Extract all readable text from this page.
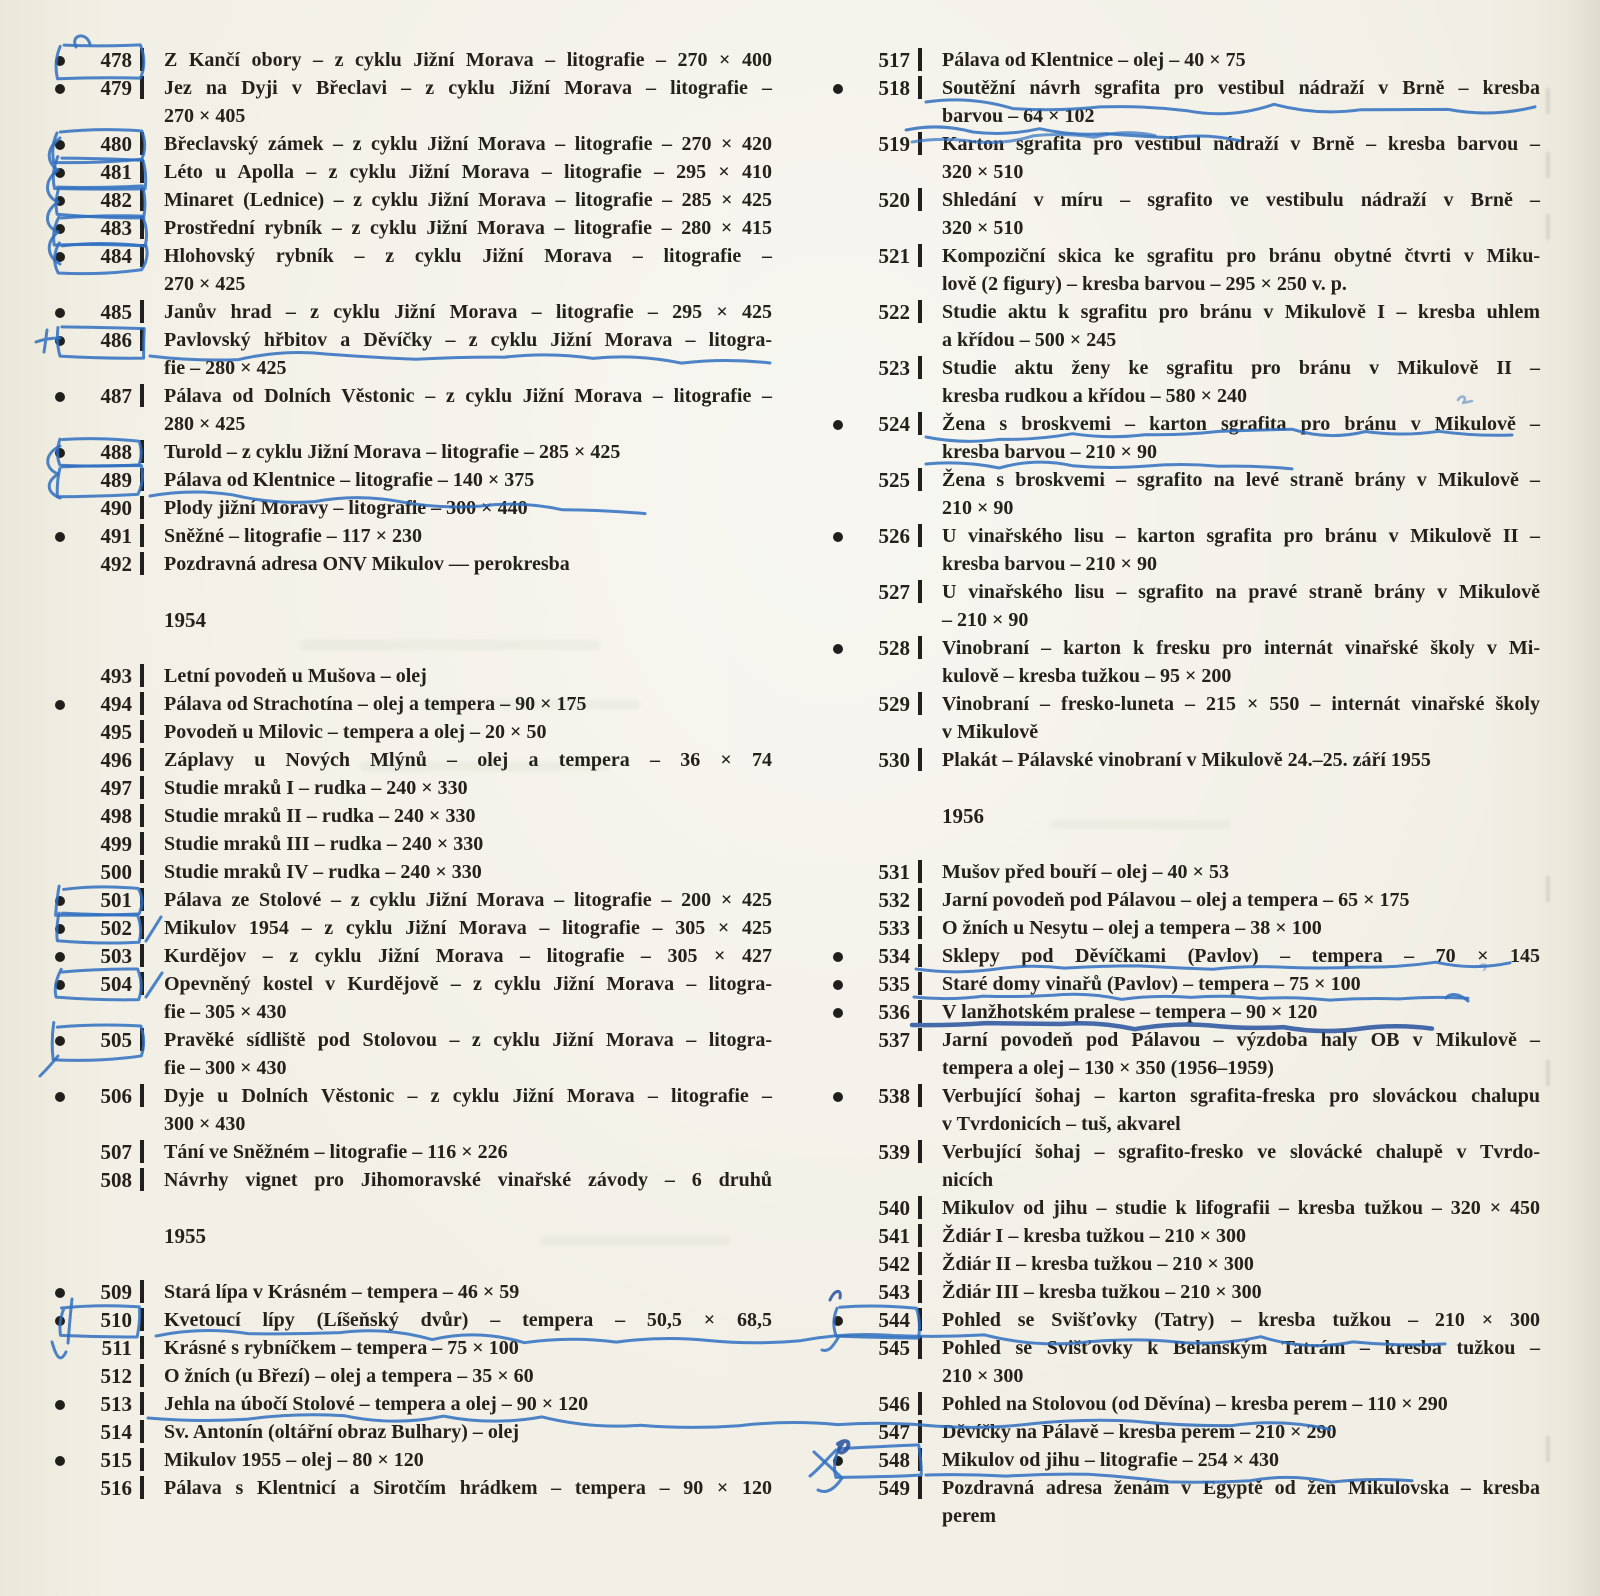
478 Z Kančí obory – z cyklu Jižní Morava – litografie – 270 × 400
479 Jez na Dyji v Břeclavi – z cyklu Jižní Morava – litografie –
270 × 405
480 Břeclavský zámek – z cyklu Jižní Morava – litografie – 270 × 420
481 Léto u Apolla – z cyklu Jižní Morava – litografie – 295 × 410
482 Minaret (Lednice) – z cyklu Jižní Morava – litografie – 285 × 425
483 Prostřední rybník – z cyklu Jižní Morava – litografie – 280 × 415
484 Hlohovský rybník – z cyklu Jižní Morava – litografie –
270 × 425
485 Janův hrad – z cyklu Jižní Morava – litografie – 295 × 425
486 Pavlovský hřbitov a Děvíčky – z cyklu Jižní Morava – litogra-
fie – 280 × 425
487 Pálava od Dolních Věstonic – z cyklu Jižní Morava – litografie –
280 × 425
488 Turold – z cyklu Jižní Morava – litografie – 285 × 425
489 Pálava od Klentnice – litografie – 140 × 375
490 Plody jižní Moravy – litografie – 300 × 440
491 Sněžné – litografie – 117 × 230
492 Pozdravná adresa ONV Mikulov — perokresba
1954
493 Letní povodeň u Mušova – olej
494 Pálava od Strachotína – olej a tempera – 90 × 175
495 Povodeň u Milovic – tempera a olej – 20 × 50
496 Záplavy u Nových Mlýnů – olej a tempera – 36 × 74
497 Studie mraků I – rudka – 240 × 330
498 Studie mraků II – rudka – 240 × 330
499 Studie mraků III – rudka – 240 × 330
500 Studie mraků IV – rudka – 240 × 330
501 Pálava ze Stolové – z cyklu Jižní Morava – litografie – 200 × 425
502 Mikulov 1954 – z cyklu Jižní Morava – litografie – 305 × 425
503 Kurdějov – z cyklu Jižní Morava – litografie – 305 × 427
504 Opevněný kostel v Kurdějově – z cyklu Jižní Morava – litogra-
fie – 305 × 430
505 Pravěké sídliště pod Stolovou – z cyklu Jižní Morava – litogra-
fie – 300 × 430
506 Dyje u Dolních Věstonic – z cyklu Jižní Morava – litografie –
300 × 430
507 Tání ve Sněžném – litografie – 116 × 226
508 Návrhy vignet pro Jihomoravské vinařské závody – 6 druhů
1955
509 Stará lípa v Krásném – tempera – 46 × 59
510 Kvetoucí lípy (Líšeňský dvůr) – tempera – 50,5 × 68,5
511 Krásné s rybníčkem – tempera – 75 × 100
512 O žních (u Březí) – olej a tempera – 35 × 60
513 Jehla na úbočí Stolové – tempera a olej – 90 × 120
514 Sv. Antonín (oltářní obraz Bulhary) – olej
515 Mikulov 1955 – olej – 80 × 120
516 Pálava s Klentnicí a Sirotčím hrádkem – tempera – 90 × 120
517 Pálava od Klentnice – olej – 40 × 75
518 Soutěžní návrh sgrafita pro vestibul nádraží v Brně – kresba
barvou – 64 × 102
519 Karton sgrafita pro vestibul nádraží v Brně – kresba barvou –
320 × 510
520 Shledání v míru – sgrafito ve vestibulu nádraží v Brně –
320 × 510
521 Kompoziční skica ke sgrafitu pro bránu obytné čtvrti v Miku-
lově (2 figury) – kresba barvou – 295 × 250 v. p.
522 Studie aktu k sgrafitu pro bránu v Mikulově I – kresba uhlem
a křídou – 500 × 245
523 Studie aktu ženy ke sgrafitu pro bránu v Mikulově II –
kresba rudkou a křídou – 580 × 240
524 Žena s broskvemi – karton sgrafita pro bránu v Mikulově –
kresba barvou – 210 × 90
525 Žena s broskvemi – sgrafito na levé straně brány v Mikulově –
210 × 90
526 U vinařského lisu – karton sgrafita pro bránu v Mikulově II –
kresba barvou – 210 × 90
527 U vinařského lisu – sgrafito na pravé straně brány v Mikulově
– 210 × 90
528 Vinobraní – karton k fresku pro internát vinařské školy v Mi-
kulově – kresba tužkou – 95 × 200
529 Vinobraní – fresko-luneta – 215 × 550 – internát vinařské školy
v Mikulově
530 Plakát – Pálavské vinobraní v Mikulově 24.–25. září 1955
1956
531 Mušov před bouří – olej – 40 × 53
532 Jarní povodeň pod Pálavou – olej a tempera – 65 × 175
533 O žních u Nesytu – olej a tempera – 38 × 100
534 Sklepy pod Děvíčkami (Pavlov) – tempera – 70 × 145
535 Staré domy vinařů (Pavlov) – tempera – 75 × 100
536 V lanžhotském pralese – tempera – 90 × 120
537 Jarní povodeň pod Pálavou – výzdoba haly OB v Mikulově –
tempera a olej – 130 × 350 (1956–1959)
538 Verbující šohaj – karton sgrafita-freska pro slováckou chalupu
v Tvrdonicích – tuš, akvarel
539 Verbující šohaj – sgrafito-fresko ve slovácké chalupě v Tvrdo-
nicích
540 Mikulov od jihu – studie k lifografii – kresba tužkou – 320 × 450
541 Ždiár I – kresba tužkou – 210 × 300
542 Ždiár II – kresba tužkou – 210 × 300
543 Ždiár III – kresba tužkou – 210 × 300
544 Pohled se Svišťovky (Tatry) – kresba tužkou – 210 × 300
545 Pohled se Svišťovky k Belanským Tatrám – kresba tužkou –
210 × 300
546 Pohled na Stolovou (od Děvína) – kresba perem – 110 × 290
547 Děvíčky na Pálavě – kresba perem – 210 × 290
548 Mikulov od jihu – litografie – 254 × 430
549 Pozdravná adresa ženám v Egyptě od žen Mikulovska – kresba
perem
